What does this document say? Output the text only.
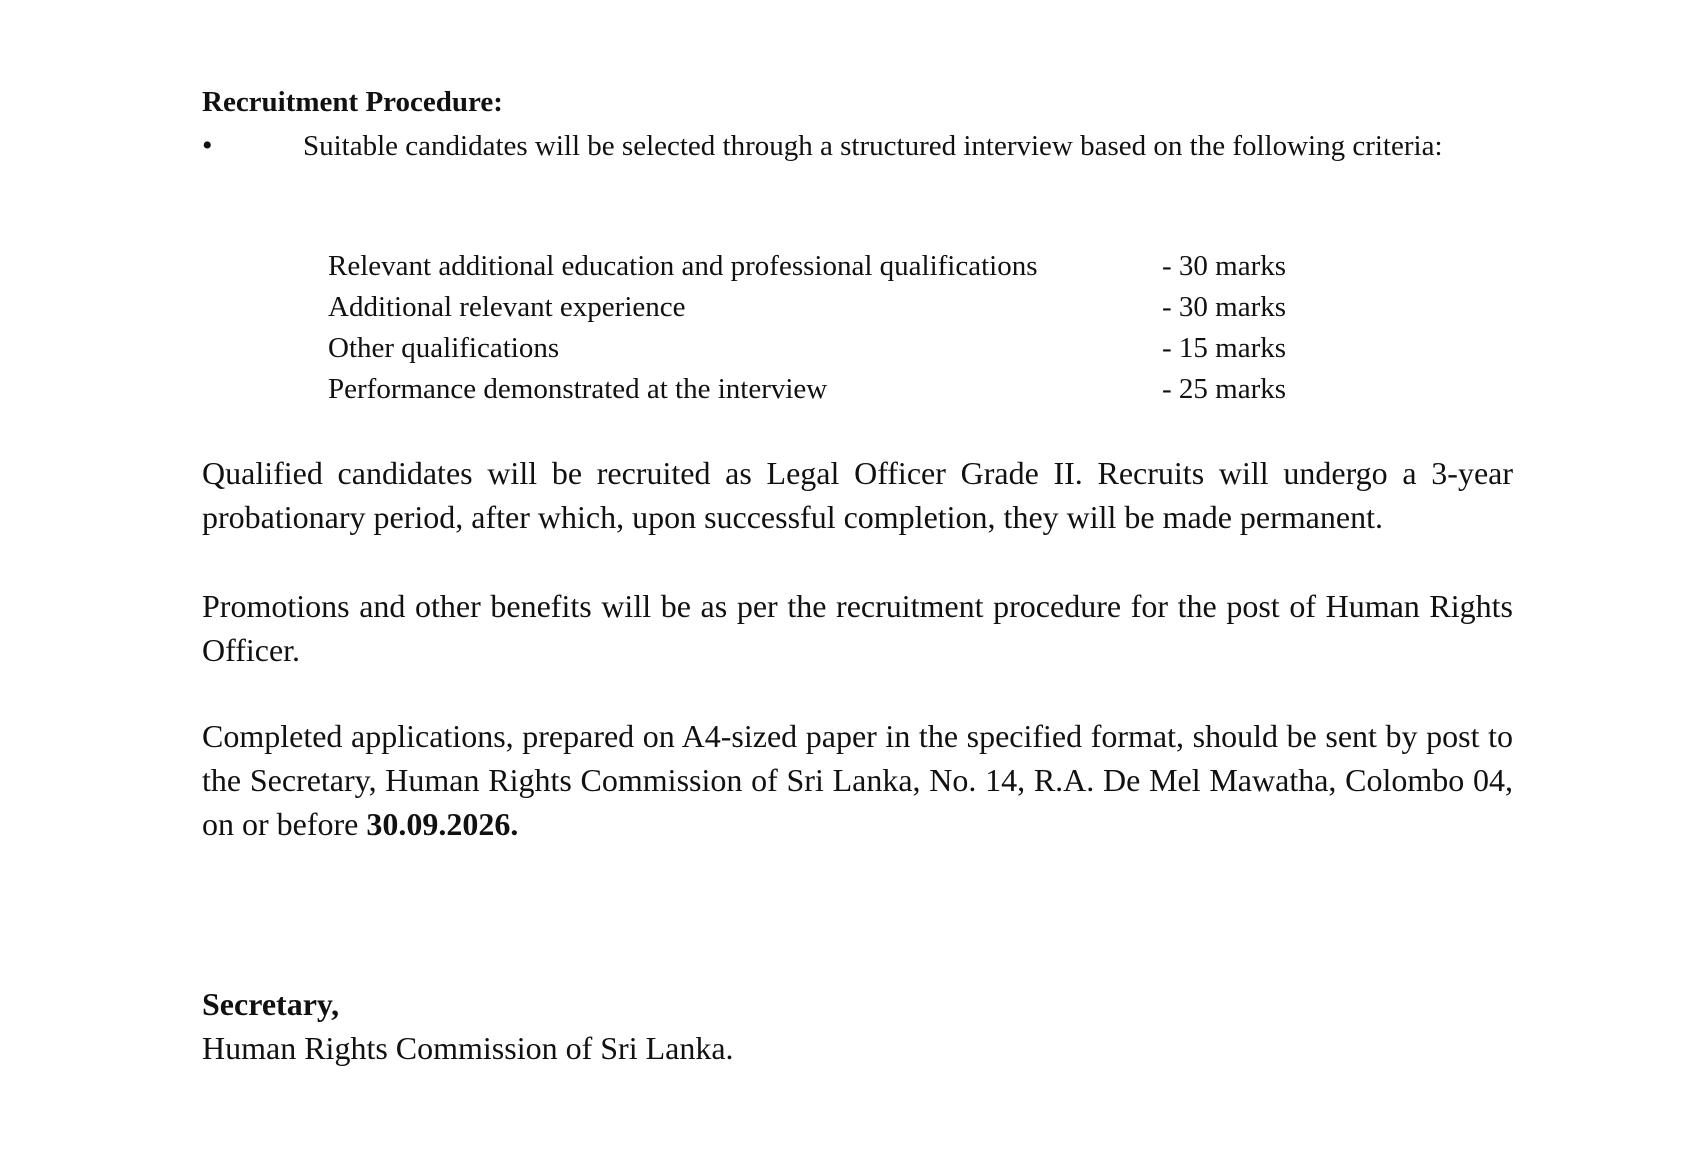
Recruitment Procedure:
•	Suitable candidates will be selected through a structured interview based on the following criteria:
Relevant additional education and professional qualifications	- 30 marks
Additional relevant experience	- 30 marks
Other qualifications	- 15 marks
Performance demonstrated at the interview	- 25 marks

Qualified candidates will be recruited as Legal Officer Grade II. Recruits will undergo a 3-year probationary period, after which, upon successful completion, they will be made permanent.

Promotions and other benefits will be as per the recruitment procedure for the post of Human Rights Officer.

Completed applications, prepared on A4-sized paper in the specified format, should be sent by post to the Secretary, Human Rights Commission of Sri Lanka, No. 14, R.A. De Mel Mawatha, Colombo 04, on or before 30.09.2026.

Secretary,
Human Rights Commission of Sri Lanka.
